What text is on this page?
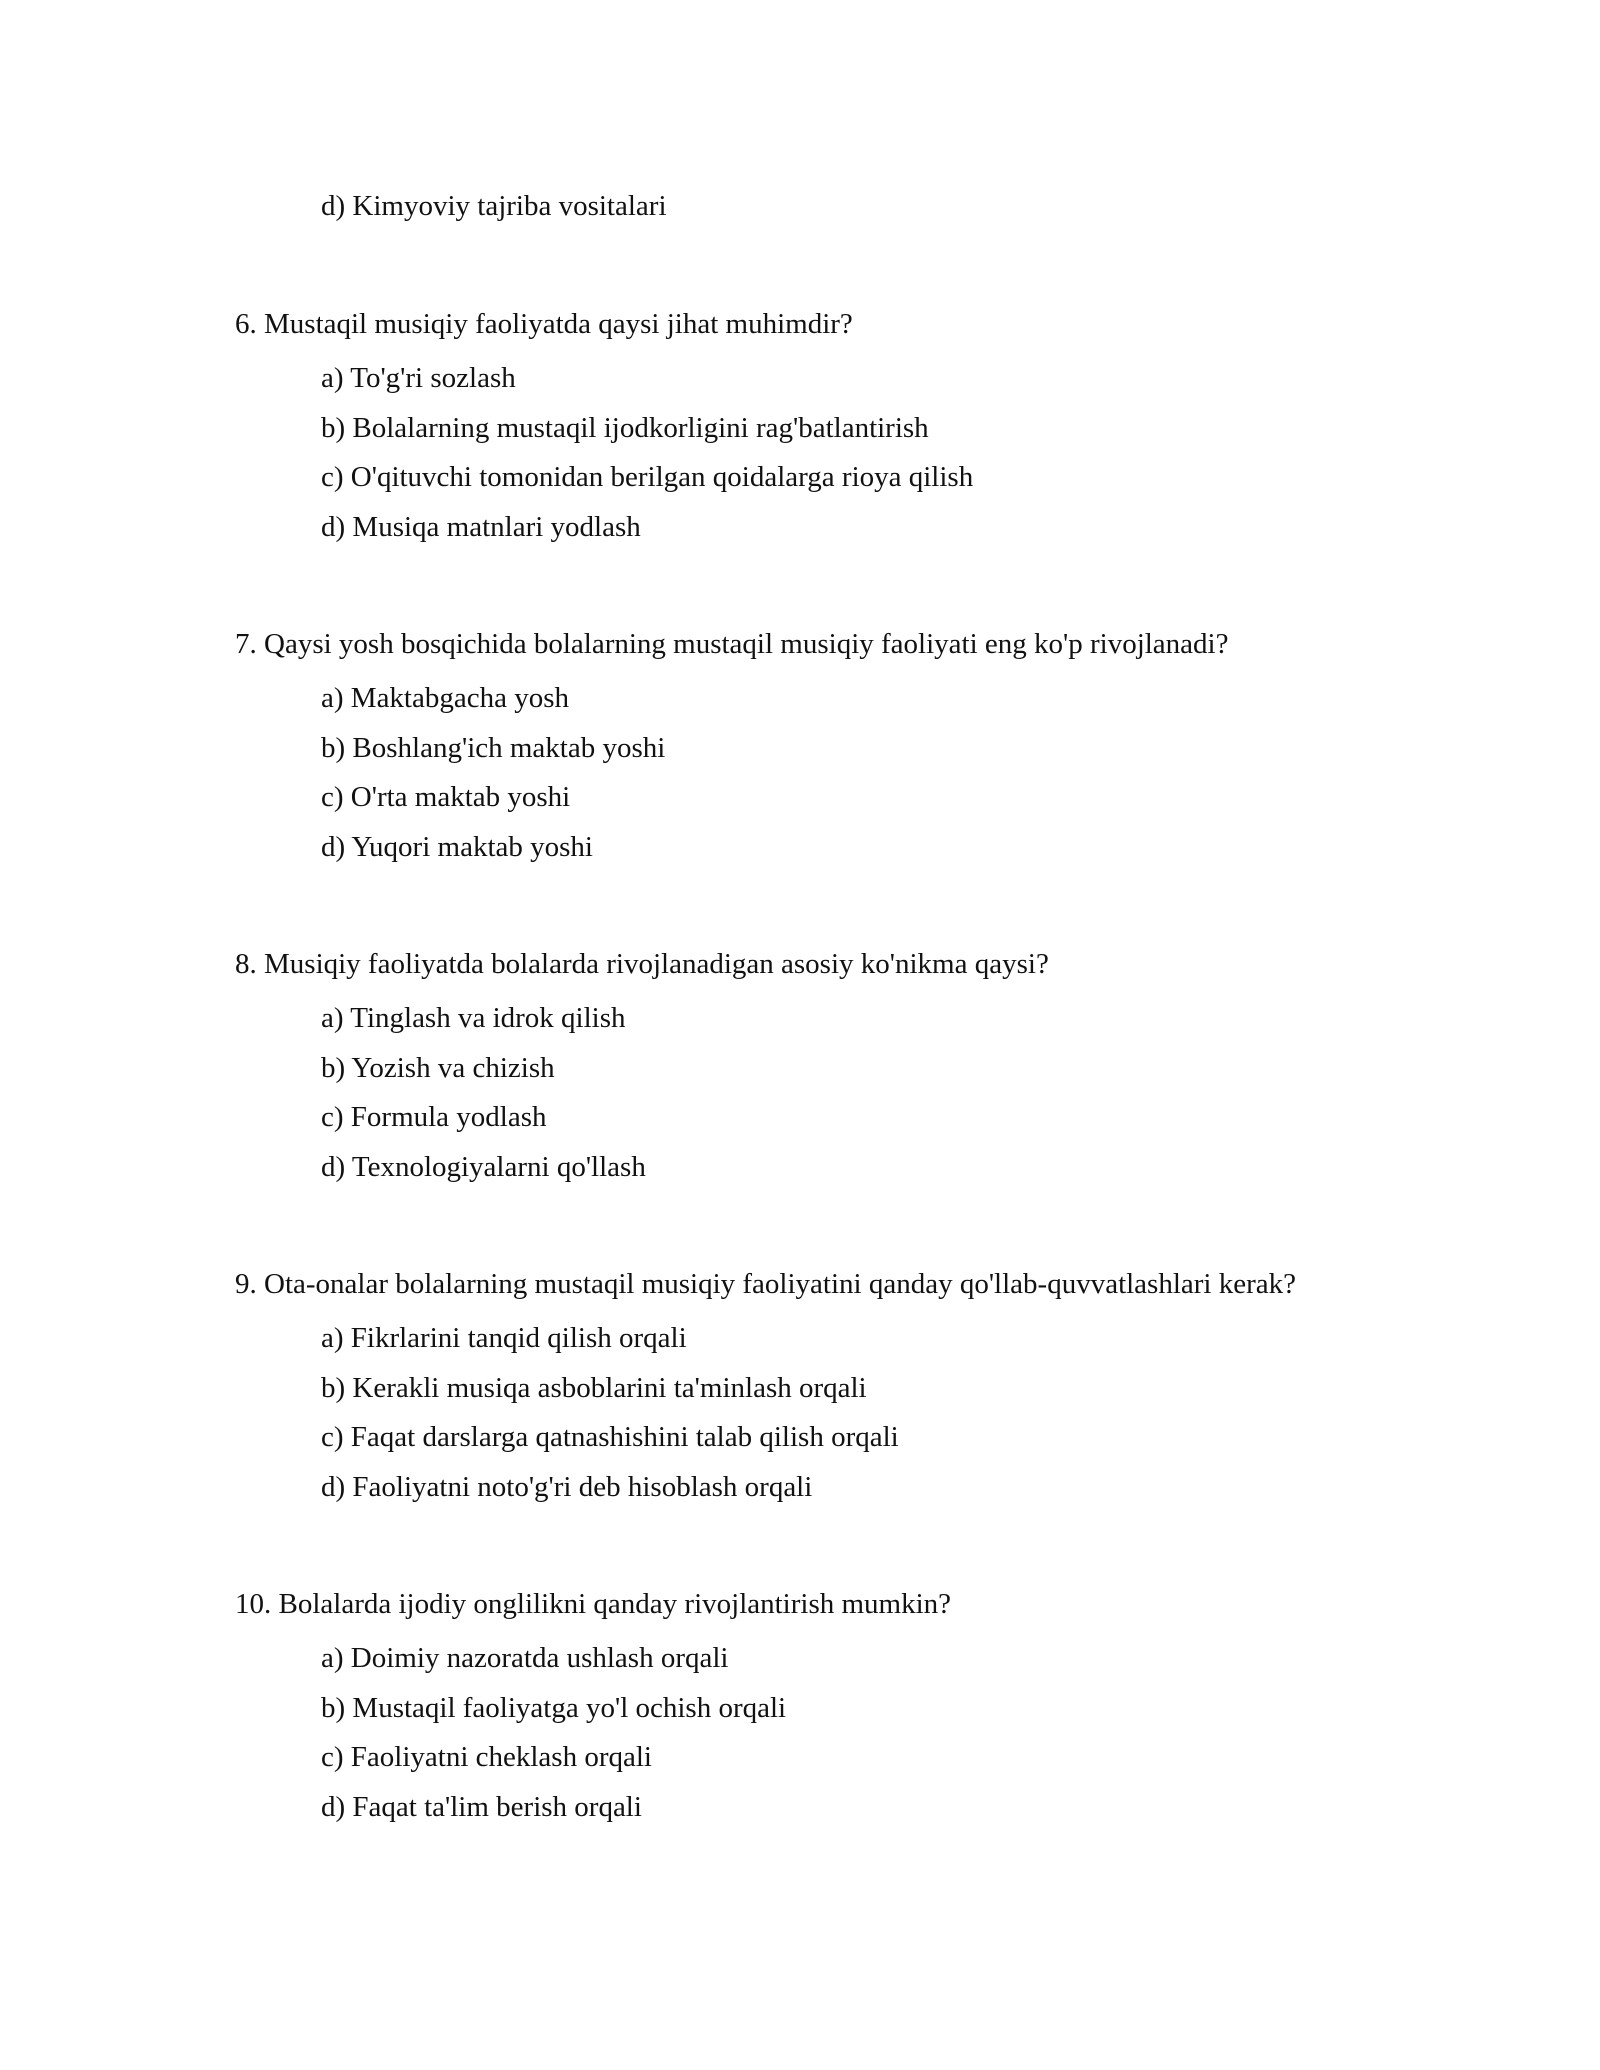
d) Kimyoviy tajriba vositalari

6. Mustaqil musiqiy faoliyatda qaysi jihat muhimdir?

a) To'g'ri sozlash
b) Bolalarning mustaqil ijodkorligini rag'batlantirish
c) O'qituvchi tomonidan berilgan qoidalarga rioya qilish
d) Musiqa matnlari yodlash

7. Qaysi yosh bosqichida bolalarning mustaqil musiqiy faoliyati eng ko'p rivojlanadi?

a) Maktabgacha yosh
b) Boshlang'ich maktab yoshi
c) O'rta maktab yoshi
d) Yuqori maktab yoshi

8. Musiqiy faoliyatda bolalarda rivojlanadigan asosiy ko'nikma qaysi?

a) Tinglash va idrok qilish
b) Yozish va chizish
c) Formula yodlash
d) Texnologiyalarni qo'llash

9. Ota-onalar bolalarning mustaqil musiqiy faoliyatini qanday qo'llab-quvvatlashlari kerak?

a) Fikrlarini tanqid qilish orqali
b) Kerakli musiqa asboblarini ta'minlash orqali
c) Faqat darslarga qatnashishini talab qilish orqali
d) Faoliyatni noto'g'ri deb hisoblash orqali

10. Bolalarda ijodiy onglilikni qanday rivojlantirish mumkin?

a) Doimiy nazoratda ushlash orqali
b) Mustaqil faoliyatga yo'l ochish orqali
c) Faoliyatni cheklash orqali
d) Faqat ta'lim berish orqali
